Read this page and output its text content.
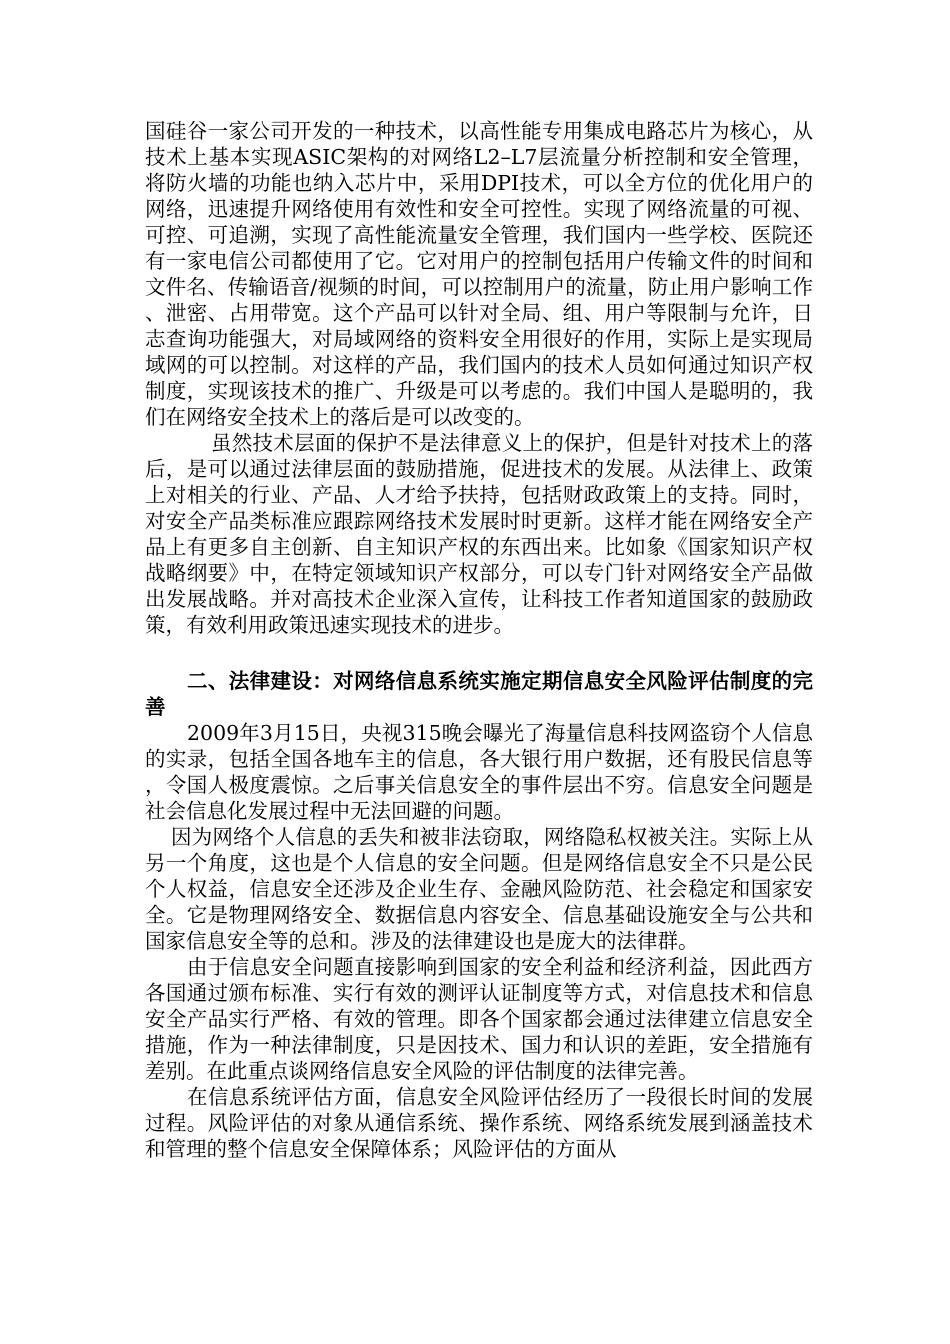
国硅谷一家公司开发的一种技术，以高性能专用集成电路芯片为核心，从技术上基本实现ASIC架构的对网络L2–L7层流量分析控制和安全管理，将防火墙的功能也纳入芯片中，采用DPI技术，可以全方位的优化用户的网络，迅速提升网络使用有效性和安全可控性。实现了网络流量的可视、可控、可追溯，实现了高性能流量安全管理，我们国内一些学校、医院还有一家电信公司都使用了它。它对用户的控制包括用户传输文件的时间和文件名、传输语音/视频的时间，可以控制用户的流量，防止用户影响工作、泄密、占用带宽。这个产品可以针对全局、组、用户等限制与允许，日志查询功能强大，对局域网络的资料安全用很好的作用，实际上是实现局域网的可以控制。对这样的产品，我们国内的技术人员如何通过知识产权制度，实现该技术的推广、升级是可以考虑的。我们中国人是聪明的，我们在网络安全技术上的落后是可以改变的。

虽然技术层面的保护不是法律意义上的保护，但是针对技术上的落后，是可以通过法律层面的鼓励措施，促进技术的发展。从法律上、政策上对相关的行业、产品、人才给予扶持，包括财政政策上的支持。同时，对安全产品类标准应跟踪网络技术发展时时更新。这样才能在网络安全产品上有更多自主创新、自主知识产权的东西出来。比如象《国家知识产权战略纲要》中，在特定领域知识产权部分，可以专门针对网络安全产品做出发展战略。并对高技术企业深入宣传，让科技工作者知道国家的鼓励政策，有效利用政策迅速实现技术的进步。

二、法律建设：对网络信息系统实施定期信息安全风险评估制度的完善

2009年3月15日，央视315晚会曝光了海量信息科技网盗窃个人信息的实录，包括全国各地车主的信息，各大银行用户数据，还有股民信息等，令国人极度震惊。之后事关信息安全的事件层出不穷。信息安全问题是社会信息化发展过程中无法回避的问题。

因为网络个人信息的丢失和被非法窃取，网络隐私权被关注。实际上从另一个角度，这也是个人信息的安全问题。但是网络信息安全不只是公民个人权益，信息安全还涉及企业生存、金融风险防范、社会稳定和国家安全。它是物理网络安全、数据信息内容安全、信息基础设施安全与公共和国家信息安全等的总和。涉及的法律建设也是庞大的法律群。

由于信息安全问题直接影响到国家的安全利益和经济利益，因此西方各国通过颁布标准、实行有效的测评认证制度等方式，对信息技术和信息安全产品实行严格、有效的管理。即各个国家都会通过法律建立信息安全措施，作为一种法律制度，只是因技术、国力和认识的差距，安全措施有差别。在此重点谈网络信息安全风险的评估制度的法律完善。

在信息系统评估方面，信息安全风险评估经历了一段很长时间的发展过程。风险评估的对象从通信系统、操作系统、网络系统发展到涵盖技术和管理的整个信息安全保障体系；风险评估的方面从
